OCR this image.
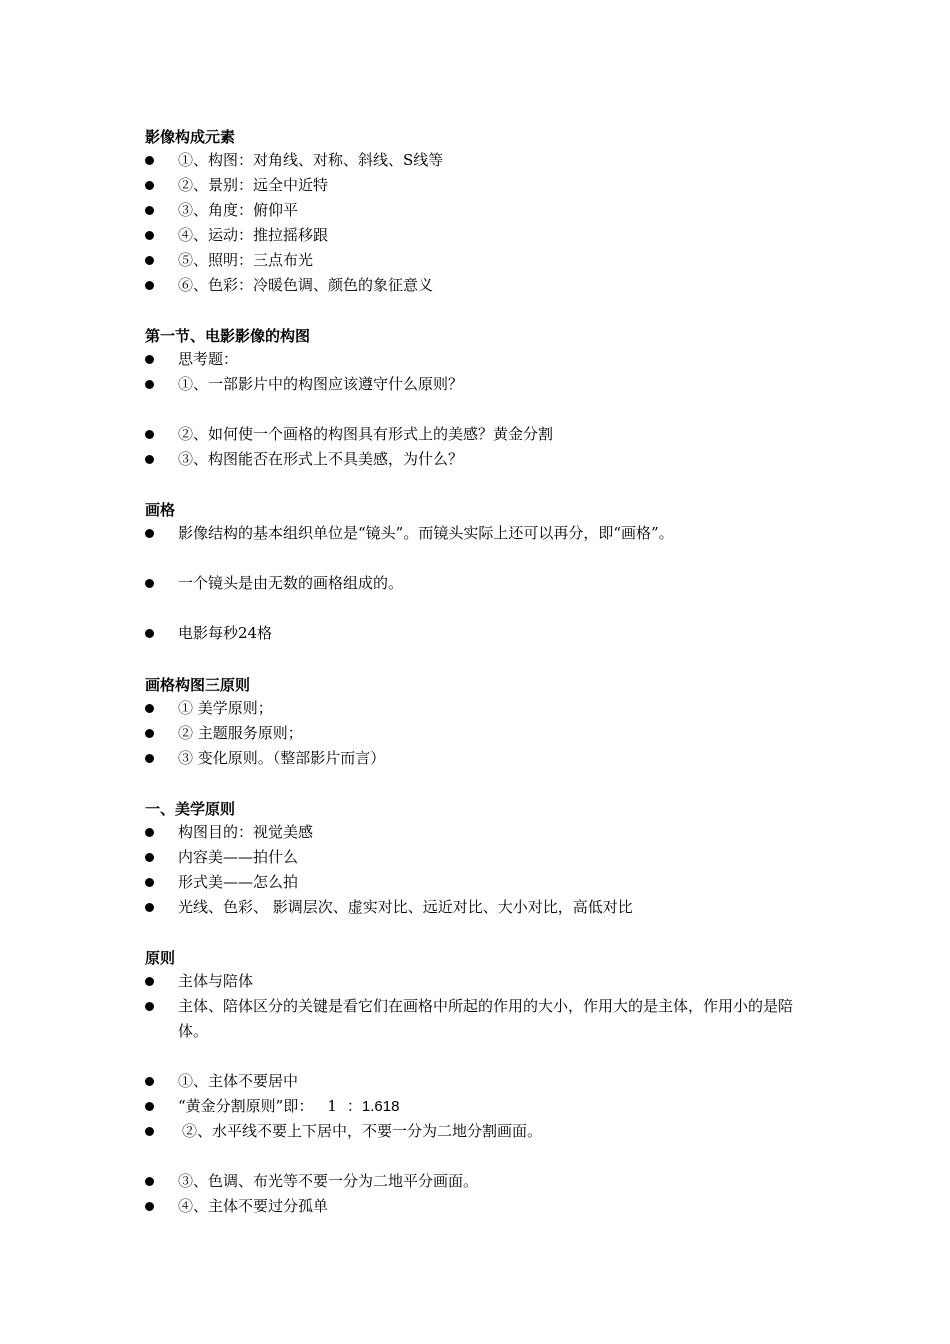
影像构成元素
①、构图：对角线、对称、斜线、S线等
②、景别：远全中近特
③、角度：俯仰平
④、运动：推拉摇移跟
⑤、照明：三点布光
⑥、色彩：冷暖色调、颜色的象征意义
第一节、电影影像的构图
思考题：
①、一部影片中的构图应该遵守什么原则？
②、如何使一个画格的构图具有形式上的美感？黄金分割
③、构图能否在形式上不具美感，为什么？
画格
影像结构的基本组织单位是“镜头”。而镜头实际上还可以再分，即“画格”。
一个镜头是由无数的画格组成的。
电影每秒24格
画格构图三原则
① 美学原则；
② 主题服务原则；
③ 变化原则。（整部影片而言）
一、美学原则
构图目的：视觉美感
内容美——拍什么
形式美——怎么拍
光线、色彩、 影调层次、虚实对比、远近对比、大小对比，高低对比
原则
主体与陪体
主体、陪体区分的关键是看它们在画格中所起的作用的大小，作用大的是主体，作用小的是陪体。
①、主体不要居中
“黄金分割原则”即： 1 ：1.618
②、水平线不要上下居中，不要一分为二地分割画面。
③、色调、布光等不要一分为二地平分画面。
④、主体不要过分孤单
